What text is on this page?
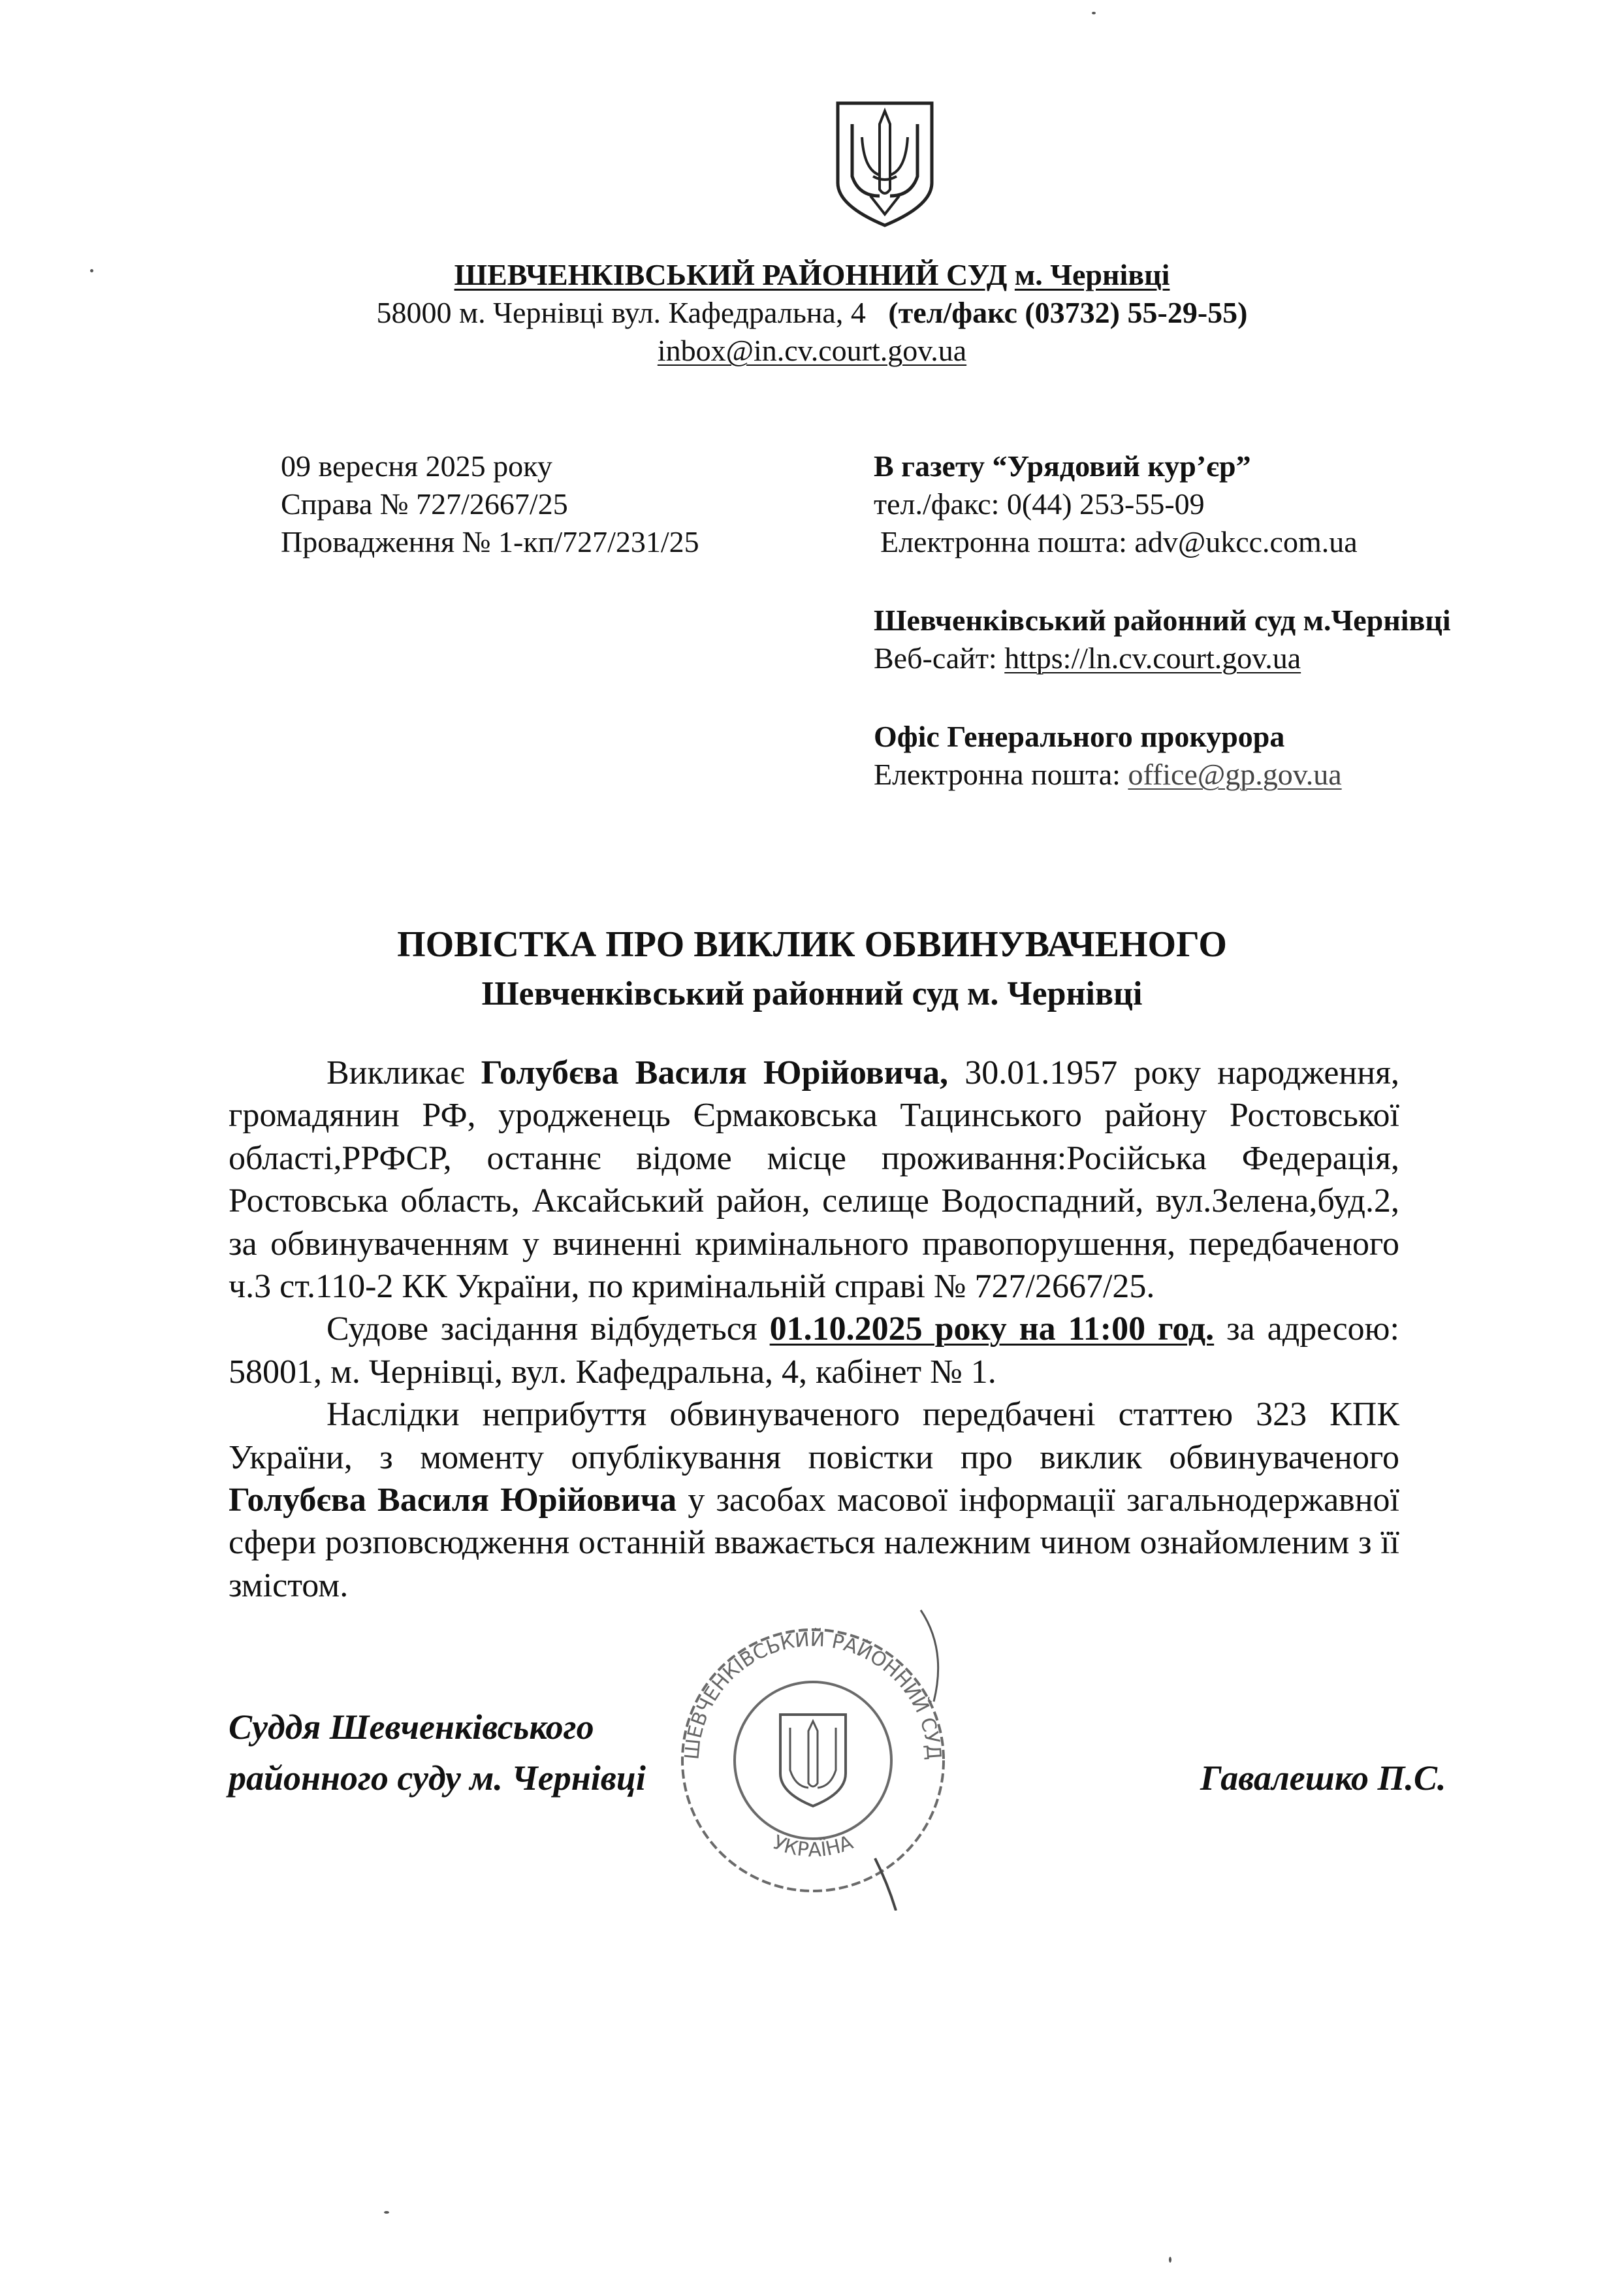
ШЕВЧЕНКІВСЬКИЙ РАЙОННИЙ СУД м. Чернівці
58000 м. Чернівці вул. Кафедральна, 4 (тел/факс (03732) 55-29-55)
inbox@in.cv.court.gov.ua
09 вересня 2025 року
Справа № 727/2667/25
Провадження № 1-кп/727/231/25
В газету “Урядовий кур’єр”
тел./факс: 0(44) 253-55-09
Електронна пошта: adv@ukcc.com.ua
Шевченківський районний суд м.Чернівці
Веб-сайт: https://ln.cv.court.gov.ua
Офіс Генерального прокурора
Електронна пошта: office@gp.gov.ua
ПОВІСТКА ПРО ВИКЛИК ОБВИНУВАЧЕНОГО
Шевченківський районний суд м. Чернівці

Викликає Голубєва Василя Юрійовича, 30.01.1957 року народження, громадянин РФ, уродженець Єрмаковська Тацинського району Ростовської області,РРФСР, останнє відоме місце проживання:Російська Федерація, Ростовська область, Аксайський район, селище Водоспадний, вул.Зелена,буд.2, за обвинуваченням у вчиненні кримінального правопорушення, передбаченого ч.3 ст.110-2 КК України, по кримінальній справі № 727/2667/25.

Судове засідання відбудеться 01.10.2025 року на 11:00 год. за адресою: 58001, м. Чернівці, вул. Кафедральна, 4, кабінет № 1.

Наслідки неприбуття обвинуваченого передбачені статтею 323 КПК України, з моменту опублікування повістки про виклик обвинуваченого Голубєва Василя Юрійовича у засобах масової інформації загальнодержавної сфери розповсюдження останній вважається належним чином ознайомленим з її змістом.

ШЕВЧЕНКІВСЬКИЙ РАЙОННИЙ СУД
УКРАЇНА
Суддя Шевченківського
районного суду м. Чернівці	Гавалешко П.С.
